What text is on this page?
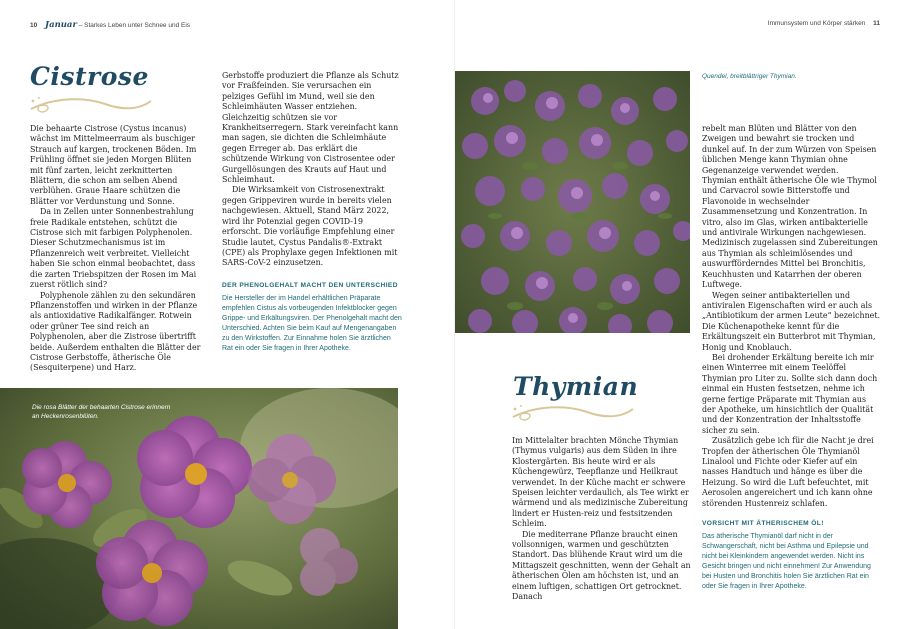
10 Januar – Starkes Leben unter Schnee und Eis
Cistrose

Die behaarte Cistrose (Cystus incanus) wächst im Mittelmeerraum als buschiger Strauch auf kargen, trockenen Böden. Im Frühling öffnet sie jeden Morgen Blüten mit fünf zarten, leicht zerknitterten Blättern, die schon am selben Abend verblühen. Graue Haare schützen die Blätter vor Verdunstung und Sonne.

Da in Zellen unter Sonnenbestrahlung freie Radikale entstehen, schützt die Cistrose sich mit farbigen Polyphenolen. Dieser Schutzmechanismus ist im Pflanzenreich weit verbreitet. Vielleicht haben Sie schon einmal beobachtet, dass die zarten Triebspitzen der Rosen im Mai zuerst rötlich sind?

Polyphenole zählen zu den sekundären Pflanzenstoffen und wirken in der Pflanze als antioxidative Radikalfänger. Rotwein oder grüner Tee sind reich an Polyphenolen, aber die Zistrose übertrifft beide. Außerdem enthalten die Blätter der Cistrose Gerbstoffe, ätherische Öle (Sesquiterpene) und Harz.

Gerbstoffe produziert die Pflanze als Schutz vor Fraßfeinden. Sie verursachen ein pelziges Gefühl im Mund, weil sie den Schleimhäuten Wasser entziehen. Gleichzeitig schützen sie vor Krankheitserregern. Stark vereinfacht kann man sagen, sie dichten die Schleimhäute gegen Erreger ab. Das erklärt die schützende Wirkung von Cistrosentee oder Gurgellösungen des Krauts auf Haut und Schleimhaut.

Die Wirksamkeit von Cistrosenextrakt gegen Grippeviren wurde in bereits vielen nachgewiesen. Aktuell, Stand März 2022, wird ihr Potenzial gegen COVID-19 erforscht. Die vorläufige Empfehlung einer Studie lautet, Cystus Pandalis®-Extrakt (CPE) als Prophylaxe gegen Infektionen mit SARS-CoV-2 einzusetzen.

DER PHENOLGEHALT MACHT DEN UNTERSCHIED
Die Hersteller der im Handel erhältlichen Präparate empfehlen Cistus als vorbeugenden Infektblocker gegen Grippe- und Erkältungsviren. Der Phenolgehalt macht den Unterschied. Achten Sie beim Kauf auf Mengenangaben zu den Wirkstoffen. Zur Einnahme holen Sie ärztlichen Rat ein oder Sie fragen in Ihrer Apotheke.
Die rosa Blätter der behaarten Cistrose erinnern an Heckenrosenblüten.
Immunsystem und Körper stärken 11
Quendel, breitblättriger Thymian.
Thymian

Im Mittelalter brachten Mönche Thymian (Thymus vulgaris) aus dem Süden in ihre Klostergärten. Bis heute wird er als Küchengewürz, Teepflanze und Heilkraut verwendet. In der Küche macht er schwere Speisen leichter verdaulich, als Tee wirkt er wärmend und als medizinische Zubereitung lindert er Husten-reiz und festsitzenden Schleim.

Die mediterrane Pflanze braucht einen vollsonnigen, warmen und geschützten Standort. Das blühende Kraut wird um die Mittagszeit geschnitten, wenn der Gehalt an ätherischen Ölen am höchsten ist, und an einem luftigen, schattigen Ort getrocknet. Danach

rebelt man Blüten und Blätter von den Zweigen und bewahrt sie trocken und dunkel auf. In der zum Würzen von Speisen üblichen Menge kann Thymian ohne Gegenanzeige verwendet werden.

Thymian enthält ätherische Öle wie Thymol und Carvacrol sowie Bitterstoffe und Flavonoide in wechselnder Zusammensetzung und Konzentration. In vitro, also im Glas, wirken antibakterielle und antivirale Wirkungen nachgewiesen. Medizinisch zugelassen sind Zubereitungen aus Thymian als schleimlösendes und auswurfförderndes Mittel bei Bronchitis, Keuchhusten und Katarrhen der oberen Luftwege.

Wegen seiner antibakteriellen und antiviralen Eigenschaften wird er auch als „Antibiotikum der armen Leute“ bezeichnet. Die Küchenapotheke kennt für die Erkältungszeit ein Butterbrot mit Thymian, Honig und Knoblauch.

Bei drohender Erkältung bereite ich mir einen Winterree mit einem Teelöffel Thymian pro Liter zu. Sollte sich dann doch einmal ein Husten festsetzen, nehme ich gerne fertige Präparate mit Thymian aus der Apotheke, um hinsichtlich der Qualität und der Konzentration der Inhaltsstoffe sicher zu sein.

Zusätzlich gebe ich für die Nacht je drei Tropfen der ätherischen Öle Thymianöl Linalool und Fichte oder Kiefer auf ein nasses Handtuch und hänge es über die Heizung. So wird die Luft befeuchtet, mit Aerosolen angereichert und ich kann ohne störenden Hustenreiz schlafen.

VORSICHT MIT ÄTHERISCHEM ÖL!
Das ätherische Thymianöl darf nicht in der Schwangerschaft, nicht bei Asthma und Epilepsie und nicht bei Kleinkindern angewendet werden. Nicht ins Gesicht bringen und nicht einnehmen! Zur Anwendung bei Husten und Bronchitis holen Sie ärztlichen Rat ein oder Sie fragen in Ihrer Apotheke.
